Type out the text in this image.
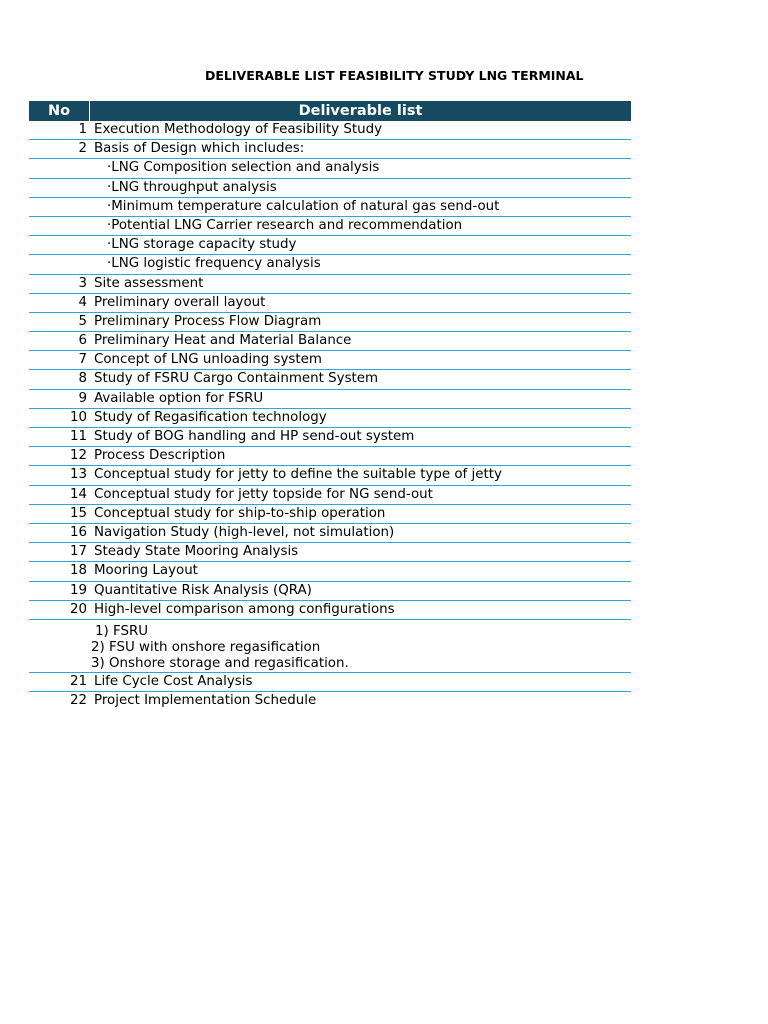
DELIVERABLE LIST FEASIBILITY STUDY LNG TERMINAL
No	Deliverable list
1 Execution Methodology of Feasibility Study
2 Basis of Design which includes:
·LNG Composition selection and analysis
·LNG throughput analysis
·Minimum temperature calculation of natural gas send-out
·Potential LNG Carrier research and recommendation
·LNG storage capacity study
·LNG logistic frequency analysis
3 Site assessment
4 Preliminary overall layout
5 Preliminary Process Flow Diagram
6 Preliminary Heat and Material Balance
7 Concept of LNG unloading system
8 Study of FSRU Cargo Containment System
9 Available option for FSRU
10 Study of Regasification technology
11 Study of BOG handling and HP send-out system
12 Process Description
13 Conceptual study for jetty to define the suitable type of jetty
14 Conceptual study for jetty topside for NG send-out
15 Conceptual study for ship-to-ship operation
16 Navigation Study (high-level, not simulation)
17 Steady State Mooring Analysis
18 Mooring Layout
19 Quantitative Risk Analysis (QRA)
20 High-level comparison among configurations
1) FSRU
2) FSU with onshore regasification
3) Onshore storage and regasification.
21 Life Cycle Cost Analysis
22 Project Implementation Schedule
